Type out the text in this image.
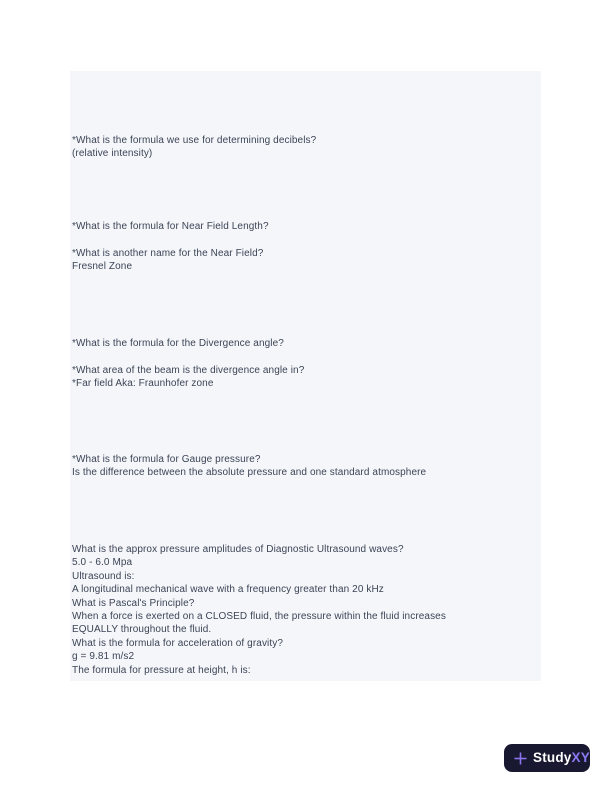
*What is the formula we use for determining decibels?
(relative intensity)
*What is the formula for Near Field Length?
*What is another name for the Near Field?
Fresnel Zone
*What is the formula for the Divergence angle?
*What area of the beam is the divergence angle in?
*Far field Aka: Fraunhofer zone
*What is the formula for Gauge pressure?
Is the difference between the absolute pressure and one standard atmosphere
What is the approx pressure amplitudes of Diagnostic Ultrasound waves?
5.0 - 6.0 Mpa
Ultrasound is:
A longitudinal mechanical wave with a frequency greater than 20 kHz
What is Pascal's Principle?
When a force is exerted on a CLOSED fluid, the pressure within the fluid increases
EQUALLY throughout the fluid.
What is the formula for acceleration of gravity?
g = 9.81 m/s2
The formula for pressure at height, h is:
StudyXY
